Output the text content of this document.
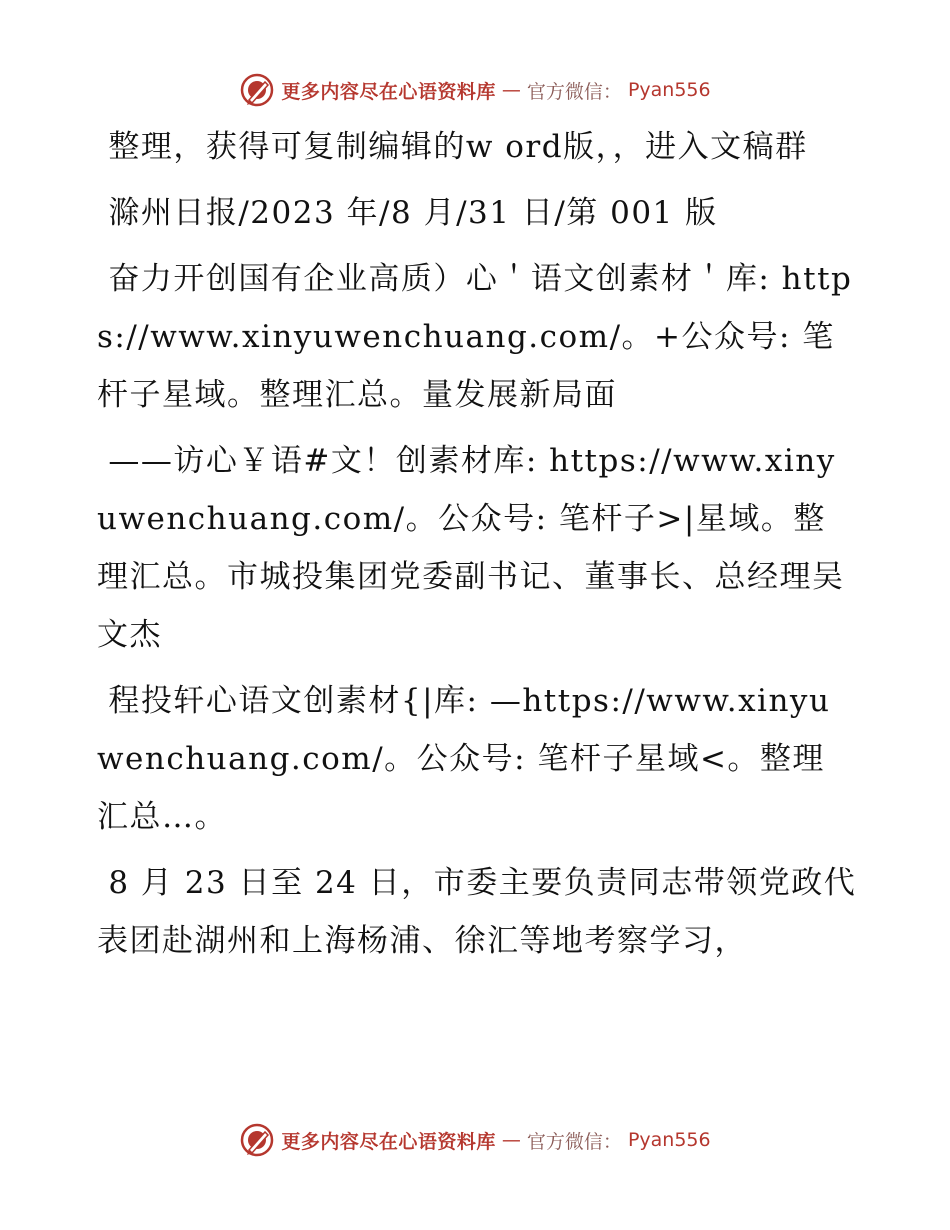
更多内容尽在心语资料库 — 官方微信： Pyan556

整理，获得可复制编辑的w ord版，，进入文稿群

滁州日报/2023 年/8 月/31 日/第 001 版

奋力开创国有企业高质）心＇语文创素材＇库: https://www.xinyuwenchuang.com/。+公众号: 笔杆子星域。整理汇总。量发展新局面

——访心￥语#文！创素材库: https://www.xinyuwenchuang.com/。公众号: 笔杆子>|星域。整理汇总。市城投集团党委副书记、董事长、总经理吴文杰

程投轩心语文创素材{|库: —https://www.xinyuwenchuang.com/。公众号: 笔杆子星域<。整理汇总…。

8 月 23 日至 24 日，市委主要负责同志带领党政代表团赴湖州和上海杨浦、徐汇等地考察学习，

更多内容尽在心语资料库 — 官方微信： Pyan556
